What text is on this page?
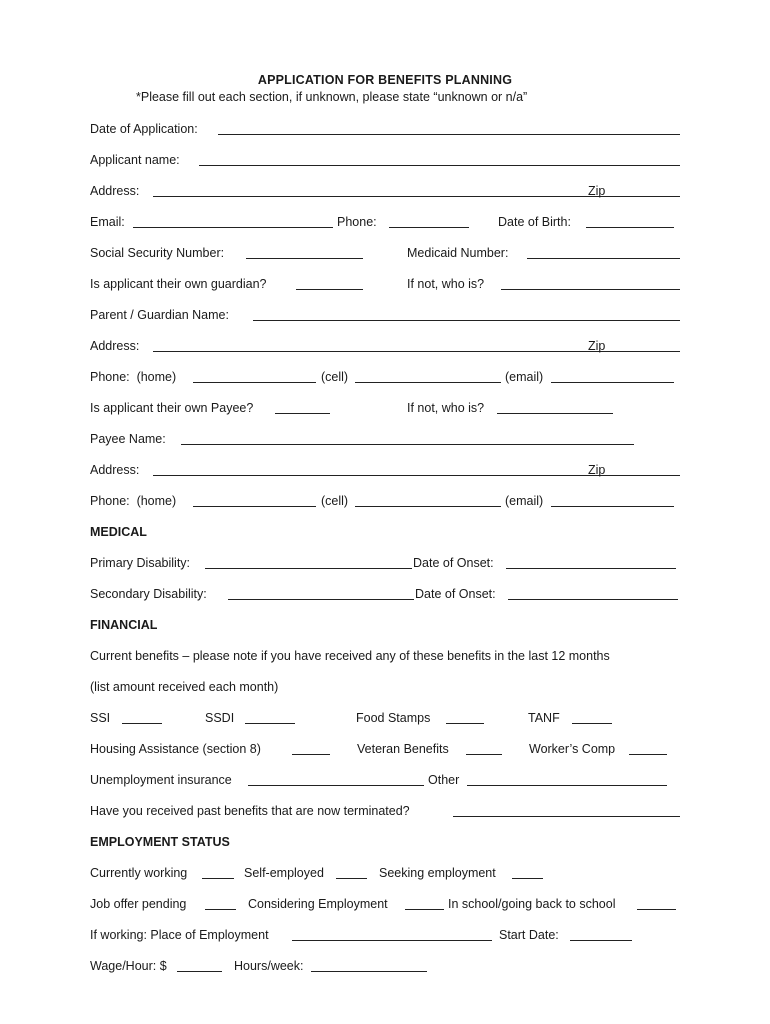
APPLICATION FOR BENEFITS PLANNING
*Please fill out each section, if unknown, please state “unknown or n/a”
Date of Application:
Applicant name:
Address:	Zip
Email:	Phone:	Date of Birth:
Social Security Number:	Medicaid Number:
Is applicant their own guardian?	If not, who is?
Parent / Guardian Name:
Address:	Zip
Phone:  (home)	(cell)	(email)
Is applicant their own Payee?	If not, who is?
Payee Name:
Address:	Zip
Phone:  (home)	(cell)	(email)
MEDICAL
Primary Disability:	Date of Onset:
Secondary Disability:	Date of Onset:
FINANCIAL
Current benefits – please note if you have received any of these benefits in the last 12 months
(list amount received each month)
SSI	SSDI	Food Stamps	TANF
Housing Assistance (section 8)	Veteran Benefits	Worker’s Comp
Unemployment insurance	Other
Have you received past benefits that are now terminated?
EMPLOYMENT STATUS
Currently working	Self-employed	Seeking employment
Job offer pending	Considering Employment	In school/going back to school
If working: Place of Employment	Start Date:
Wage/Hour: $	Hours/week:
